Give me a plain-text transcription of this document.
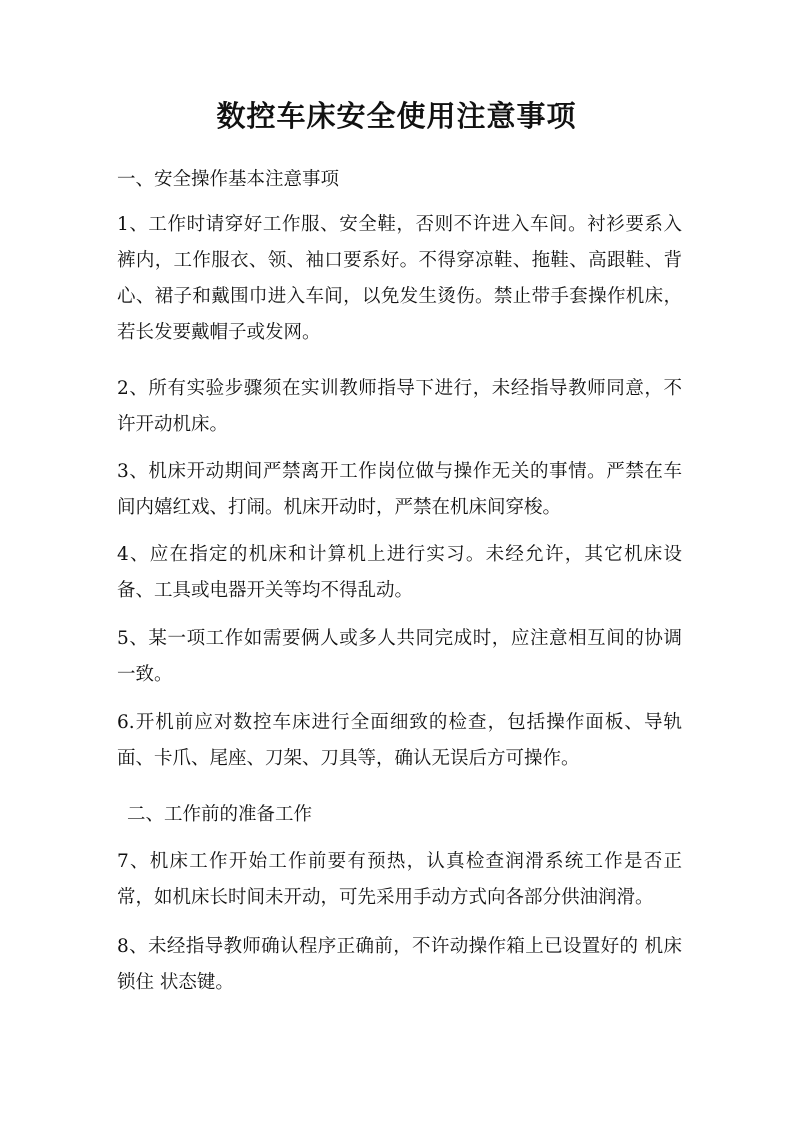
数控车床安全使用注意事项

一、安全操作基本注意事项

1、工作时请穿好工作服、安全鞋，否则不许进入车间。衬衫要系入裤内，工作服衣、领、袖口要系好。不得穿凉鞋、拖鞋、高跟鞋、背心、裙子和戴围巾进入车间，以免发生烫伤。禁止带手套操作机床，若长发要戴帽子或发网。

2、所有实验步骤须在实训教师指导下进行，未经指导教师同意，不许开动机床。

3、机床开动期间严禁离开工作岗位做与操作无关的事情。严禁在车间内嬉红戏、打闹。机床开动时，严禁在机床间穿梭。

4、应在指定的机床和计算机上进行实习。未经允许，其它机床设备、工具或电器开关等均不得乱动。

5、某一项工作如需要俩人或多人共同完成时，应注意相互间的协调一致。

6.开机前应对数控车床进行全面细致的检查，包括操作面板、导轨面、卡爪、尾座、刀架、刀具等，确认无误后方可操作。

二、工作前的准备工作

7、机床工作开始工作前要有预热，认真检查润滑系统工作是否正常，如机床长时间未开动，可先采用手动方式向各部分供油润滑。

8、未经指导教师确认程序正确前，不许动操作箱上已设置好的 机床锁住 状态键。
